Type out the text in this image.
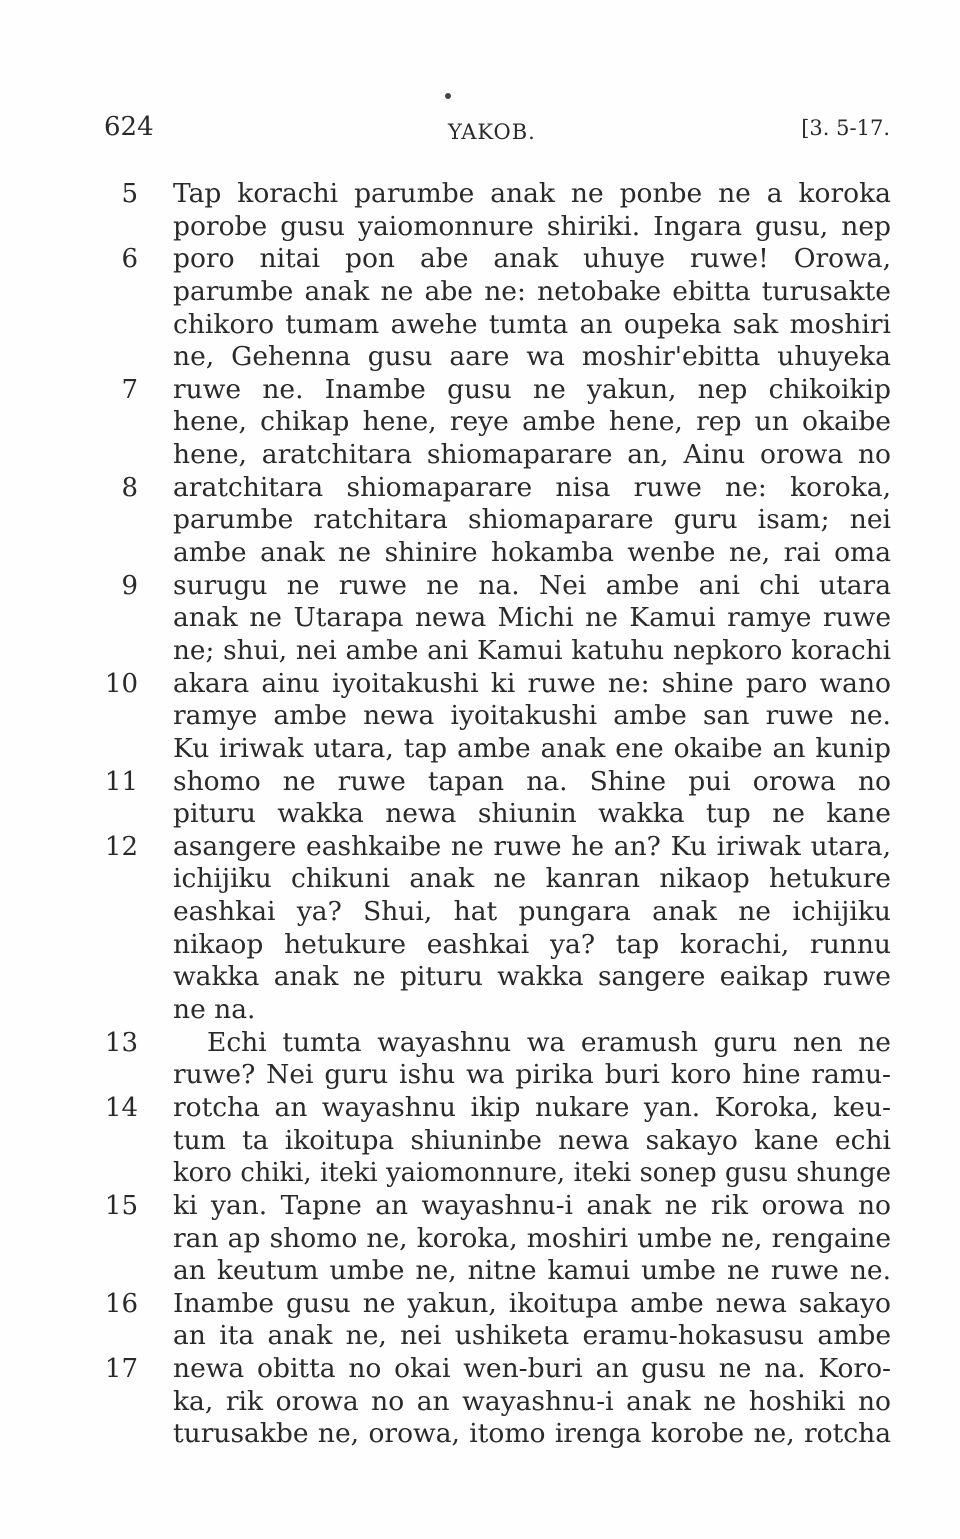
624	YAKOB.	[3. 5-17.
5 Tap korachi parumbe anak ne ponbe ne a koroka
porobe gusu yaiomonnure shiriki. Ingara gusu, nep
6 poro nitai pon abe anak uhuye ruwe! Orowa,
parumbe anak ne abe ne: netobake ebitta turusakte
chikoro tumam awehe tumta an oupeka sak moshiri
ne, Gehenna gusu aare wa moshir'ebitta uhuyeka
7 ruwe ne. Inambe gusu ne yakun, nep chikoikip
hene, chikap hene, reye ambe hene, rep un okaibe
hene, aratchitara shiomaparare an, Ainu orowa no
8 aratchitara shiomaparare nisa ruwe ne: koroka,
parumbe ratchitara shiomaparare guru isam; nei
ambe anak ne shinire hokamba wenbe ne, rai oma
9 surugu ne ruwe ne na. Nei ambe ani chi utara
anak ne Utarapa newa Michi ne Kamui ramye ruwe
ne; shui, nei ambe ani Kamui katuhu nepkoro korachi
10 akara ainu iyoitakushi ki ruwe ne: shine paro wano
ramye ambe newa iyoitakushi ambe san ruwe ne.
Ku iriwak utara, tap ambe anak ene okaibe an kunip
11 shomo ne ruwe tapan na. Shine pui orowa no
pituru wakka newa shiunin wakka tup ne kane
12 asangere eashkaibe ne ruwe he an? Ku iriwak utara,
ichijiku chikuni anak ne kanran nikaop hetukure
eashkai ya? Shui, hat pungara anak ne ichijiku
nikaop hetukure eashkai ya? tap korachi, runnu
wakka anak ne pituru wakka sangere eaikap ruwe
ne na.
13	Echi tumta wayashnu wa eramush guru nen ne
ruwe? Nei guru ishu wa pirika buri koro hine ramu-
14 rotcha an wayashnu ikip nukare yan. Koroka, keu-
tum ta ikoitupa shiuninbe newa sakayo kane echi
koro chiki, iteki yaiomonnure, iteki sonep gusu shunge
15 ki yan. Tapne an wayashnu-i anak ne rik orowa no
ran ap shomo ne, koroka, moshiri umbe ne, rengaine
an keutum umbe ne, nitne kamui umbe ne ruwe ne.
16 Inambe gusu ne yakun, ikoitupa ambe newa sakayo
an ita anak ne, nei ushiketa eramu-hokasusu ambe
17 newa obitta no okai wen-buri an gusu ne na. Koro-
ka, rik orowa no an wayashnu-i anak ne hoshiki no
turusakbe ne, orowa, itomo irenga korobe ne, rotcha
